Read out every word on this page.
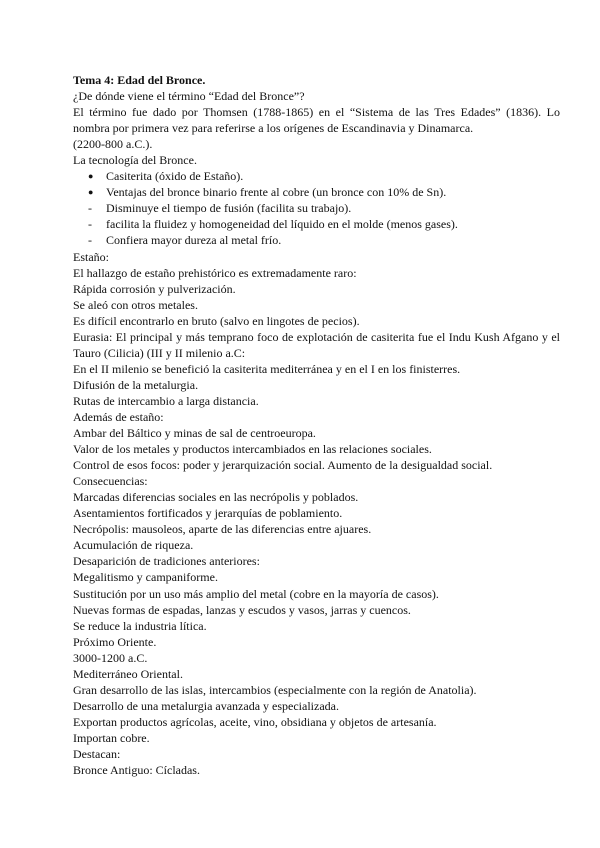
Tema 4: Edad del Bronce.
¿De dónde viene el término “Edad del Bronce”?
El término fue dado por Thomsen (1788-1865) en el “Sistema de las Tres Edades” (1836). Lo nombra por primera vez para referirse a los orígenes de Escandinavia y Dinamarca.
(2200-800 a.C.).
La tecnología del Bronce.
●	Casiterita (óxido de Estaño).
●	Ventajas del bronce binario frente al cobre (un bronce con 10% de Sn).
-	Disminuye el tiempo de fusión (facilita su trabajo).
-	facilita la fluidez y homogeneidad del líquido en el molde (menos gases).
-	Confiera mayor dureza al metal frío.
Estaño:
El hallazgo de estaño prehistórico es extremadamente raro:
Rápida corrosión y pulverización.
Se aleó con otros metales.
Es difícil encontrarlo en bruto (salvo en lingotes de pecios).
Eurasia: El principal y más temprano foco de explotación de casiterita fue el Indu Kush Afgano y el Tauro (Cilicia) (III y II milenio a.C:
En el II milenio se benefició la casiterita mediterránea y en el I en los finisterres.
Difusión de la metalurgia.
Rutas de intercambio a larga distancia.
Además de estaño:
Ambar del Báltico y minas de sal de centroeuropa.
Valor de los metales y productos intercambiados en las relaciones sociales.
Control de esos focos: poder y jerarquización social. Aumento de la desigualdad social.
Consecuencias:
Marcadas diferencias sociales en las necrópolis y poblados.
Asentamientos fortificados y jerarquías de poblamiento.
Necrópolis: mausoleos, aparte de las diferencias entre ajuares.
Acumulación de riqueza.
Desaparición de tradiciones anteriores:
Megalitismo y campaniforme.
Sustitución por un uso más amplio del metal (cobre en la mayoría de casos).
Nuevas formas de espadas, lanzas y escudos y vasos, jarras y cuencos.
Se reduce la industria lítica.
Próximo Oriente.
3000-1200 a.C.
Mediterráneo Oriental.
Gran desarrollo de las islas, intercambios (especialmente con la región de Anatolia).
Desarrollo de una metalurgia avanzada y especializada.
Exportan productos agrícolas, aceite, vino, obsidiana y objetos de artesanía.
Importan cobre.
Destacan:
Bronce Antiguo: Cícladas.
